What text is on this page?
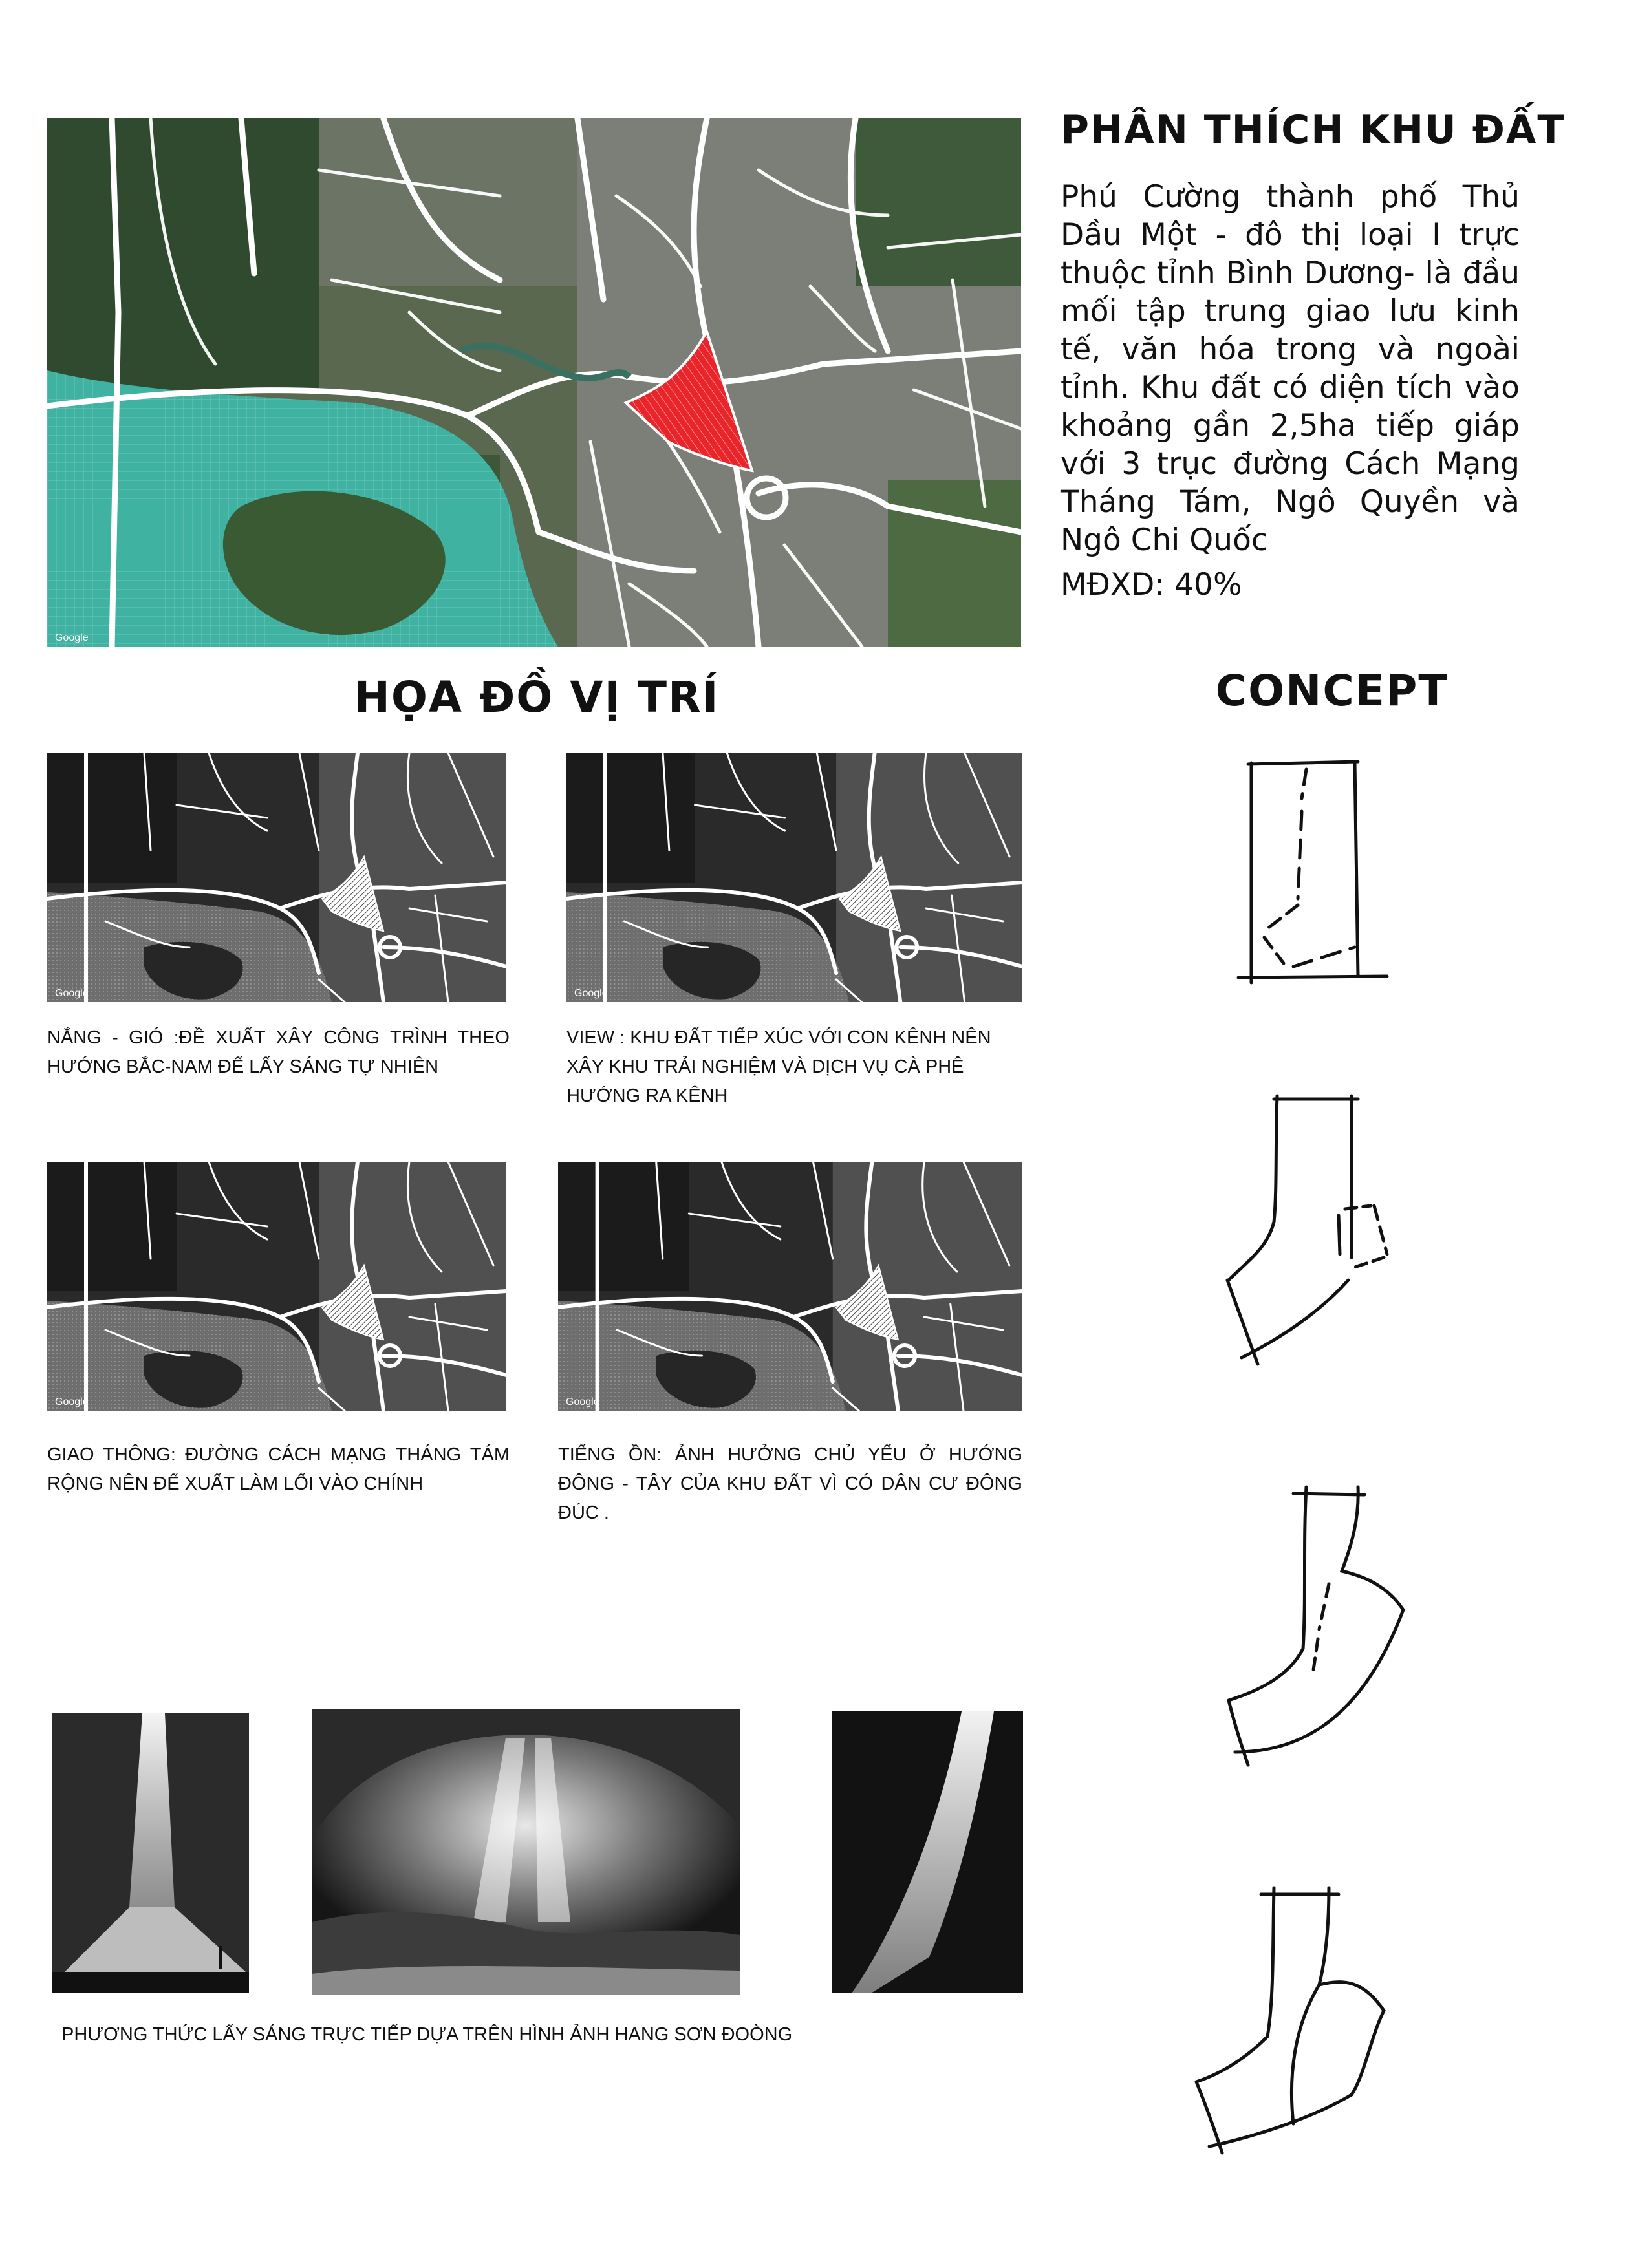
Google
PHÂN THÍCH KHU ĐẤT
Phú Cường thành phố Thủ Dầu Một - đô thị loại I trực thuộc tỉnh Bình Dương- là đầu mối tập trung giao lưu kinh tế, văn hóa trong và ngoài tỉnh. Khu đất có diện tích vào khoảng gần 2,5ha tiếp giáp với 3 trục đường Cách Mạng Tháng Tám, Ngô Quyền và Ngô Chi Quốc
MĐXD: 40%
HỌA ĐỒ VỊ TRÍ	CONCEPT
Google	Google
Google	Google
NẮNG - GIÓ :ĐỀ XUẤT XÂY CÔNG TRÌNH THEO HƯỚNG BẮC-NAM ĐỂ LẤY SÁNG TỰ NHIÊN
VIEW : KHU ĐẤT TIẾP XÚC VỚI CON KÊNH NÊN XÂY KHU TRẢI NGHIỆM VÀ DỊCH VỤ CÀ PHÊ HƯỚNG RA KÊNH
GIAO THÔNG: ĐƯỜNG CÁCH MẠNG THÁNG TÁM RỘNG NÊN ĐỂ XUẤT LÀM LỐI VÀO CHÍNH
TIẾNG ỒN: ẢNH HƯỞNG CHỦ YẾU Ở HƯỚNG ĐÔNG - TÂY CỦA KHU ĐẤT VÌ CÓ DÂN CƯ ĐÔNG ĐÚC .
PHƯƠNG THỨC LẤY SÁNG TRỰC TIẾP DỰA TRÊN HÌNH ẢNH HANG SƠN ĐOÒNG
